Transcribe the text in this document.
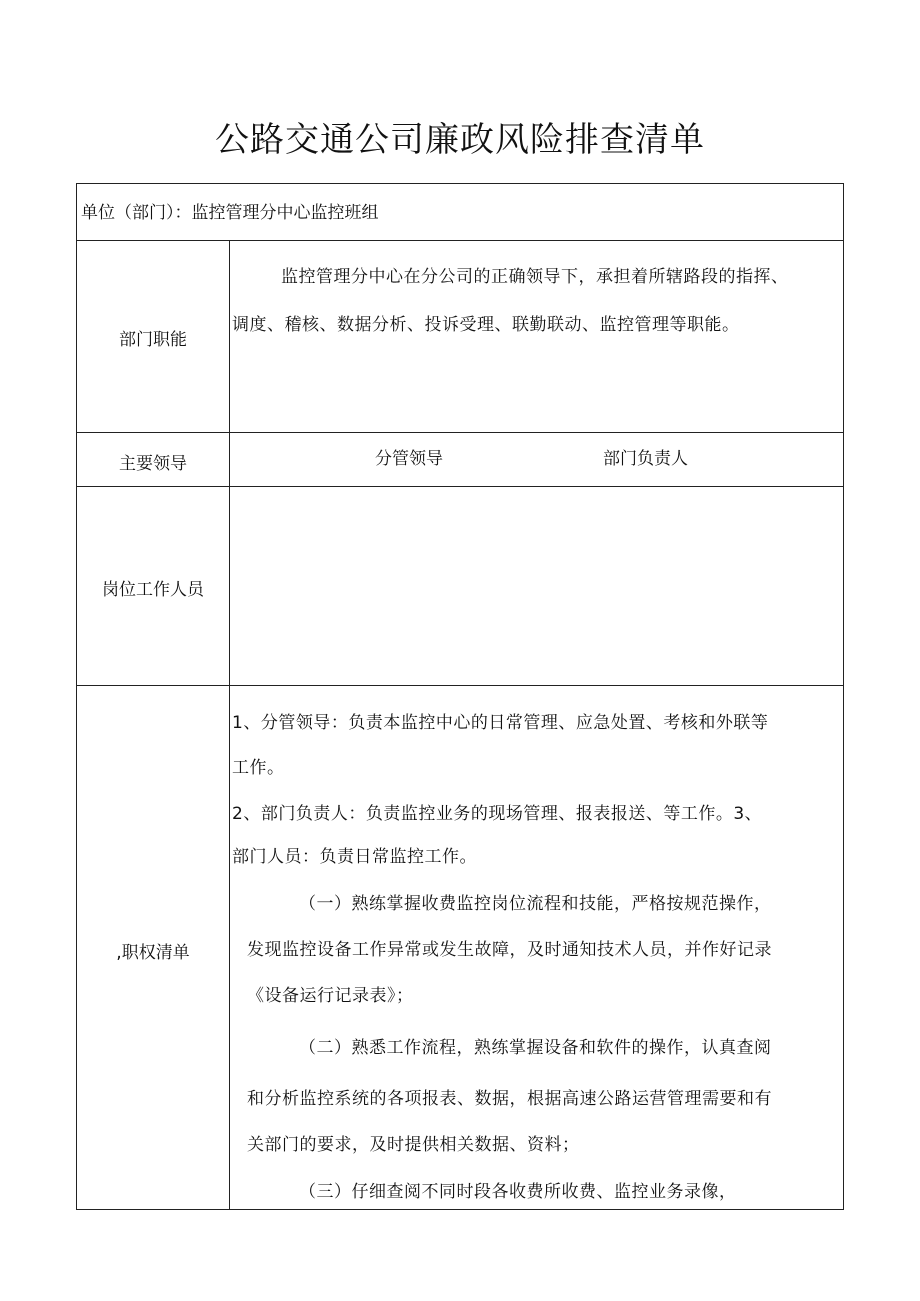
公路交通公司廉政风险排查清单
单位（部门）：监控管理分中心监控班组
部门职能
监控管理分中心在分公司的正确领导下，承担着所辖路段的指挥、
调度、稽核、数据分析、投诉受理、联勤联动、监控管理等职能。
主要领导	分管领导	部门负责人
岗位工作人员
,职权清单
1、分管领导：负责本监控中心的日常管理、应急处置、考核和外联等
工作。
2、部门负责人：负责监控业务的现场管理、报表报送、等工作。3、
部门人员：负责日常监控工作。
（一）熟练掌握收费监控岗位流程和技能，严格按规范操作，
发现监控设备工作异常或发生故障，及时通知技术人员，并作好记录
《设备运行记录表》；
（二）熟悉工作流程，熟练掌握设备和软件的操作，认真查阅
和分析监控系统的各项报表、数据，根据高速公路运营管理需要和有
关部门的要求，及时提供相关数据、资料；
（三）仔细查阅不同时段各收费所收费、监控业务录像，
